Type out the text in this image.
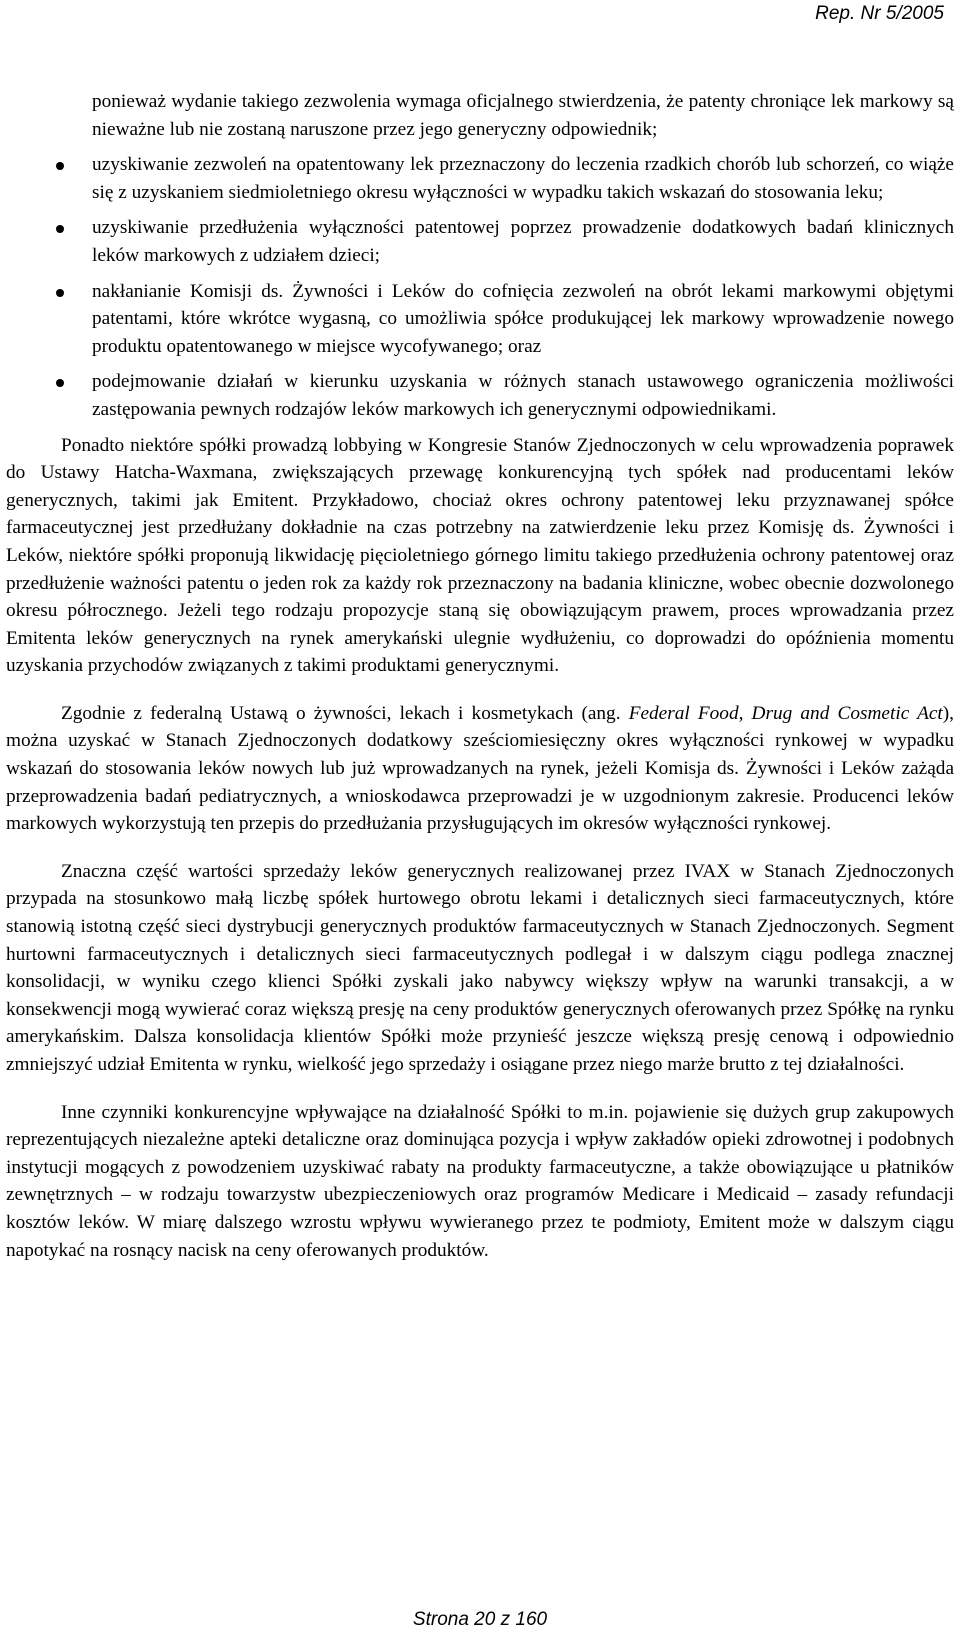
Rep. Nr 5/2005
ponieważ wydanie takiego zezwolenia wymaga oficjalnego stwierdzenia, że patenty chroniące lek markowy są nieważne lub nie zostaną naruszone przez jego generyczny odpowiednik;
uzyskiwanie zezwoleń na opatentowany lek przeznaczony do leczenia rzadkich chorób lub schorzeń, co wiąże się z uzyskaniem siedmioletniego okresu wyłączności w wypadku takich wskazań do stosowania leku;
uzyskiwanie przedłużenia wyłączności patentowej poprzez prowadzenie dodatkowych badań klinicznych leków markowych z udziałem dzieci;
nakłanianie Komisji ds. Żywności i Leków do cofnięcia zezwoleń na obrót lekami markowymi objętymi patentami, które wkrótce wygasną, co umożliwia spółce produkującej lek markowy wprowadzenie nowego produktu opatentowanego w miejsce wycofywanego; oraz
podejmowanie działań w kierunku uzyskania w różnych stanach ustawowego ograniczenia możliwości zastępowania pewnych rodzajów leków markowych ich generycznymi odpowiednikami.

Ponadto niektóre spółki prowadzą lobbying w Kongresie Stanów Zjednoczonych w celu wprowadzenia poprawek do Ustawy Hatcha-Waxmana, zwiększających przewagę konkurencyjną tych spółek nad producentami leków generycznych, takimi jak Emitent. Przykładowo, chociaż okres ochrony patentowej leku przyznawanej spółce farmaceutycznej jest przedłużany dokładnie na czas potrzebny na zatwierdzenie leku przez Komisję ds. Żywności i Leków, niektóre spółki proponują likwidację pięcioletniego górnego limitu takiego przedłużenia ochrony patentowej oraz przedłużenie ważności patentu o jeden rok za każdy rok przeznaczony na badania kliniczne, wobec obecnie dozwolonego okresu półrocznego. Jeżeli tego rodzaju propozycje staną się obowiązującym prawem, proces wprowadzania przez Emitenta leków generycznych na rynek amerykański ulegnie wydłużeniu, co doprowadzi do opóźnienia momentu uzyskania przychodów związanych z takimi produktami generycznymi.

Zgodnie z federalną Ustawą o żywności, lekach i kosmetykach (ang. Federal Food, Drug and Cosmetic Act), można uzyskać w Stanach Zjednoczonych dodatkowy sześciomiesięczny okres wyłączności rynkowej w wypadku wskazań do stosowania leków nowych lub już wprowadzanych na rynek, jeżeli Komisja ds. Żywności i Leków zażąda przeprowadzenia badań pediatrycznych, a wnioskodawca przeprowadzi je w uzgodnionym zakresie. Producenci leków markowych wykorzystują ten przepis do przedłużania przysługujących im okresów wyłączności rynkowej.

Znaczna część wartości sprzedaży leków generycznych realizowanej przez IVAX w Stanach Zjednoczonych przypada na stosunkowo małą liczbę spółek hurtowego obrotu lekami i detalicznych sieci farmaceutycznych, które stanowią istotną część sieci dystrybucji generycznych produktów farmaceutycznych w Stanach Zjednoczonych. Segment hurtowni farmaceutycznych i detalicznych sieci farmaceutycznych podlegał i w dalszym ciągu podlega znacznej konsolidacji, w wyniku czego klienci Spółki zyskali jako nabywcy większy wpływ na warunki transakcji, a w konsekwencji mogą wywierać coraz większą presję na ceny produktów generycznych oferowanych przez Spółkę na rynku amerykańskim. Dalsza konsolidacja klientów Spółki może przynieść jeszcze większą presję cenową i odpowiednio zmniejszyć udział Emitenta w rynku, wielkość jego sprzedaży i osiągane przez niego marże brutto z tej działalności.

Inne czynniki konkurencyjne wpływające na działalność Spółki to m.in. pojawienie się dużych grup zakupowych reprezentujących niezależne apteki detaliczne oraz dominująca pozycja i wpływ zakładów opieki zdrowotnej i podobnych instytucji mogących z powodzeniem uzyskiwać rabaty na produkty farmaceutyczne, a także obowiązujące u płatników zewnętrznych – w rodzaju towarzystw ubezpieczeniowych oraz programów Medicare i Medicaid – zasady refundacji kosztów leków. W miarę dalszego wzrostu wpływu wywieranego przez te podmioty, Emitent może w dalszym ciągu napotykać na rosnący nacisk na ceny oferowanych produktów.

Strona 20 z 160
